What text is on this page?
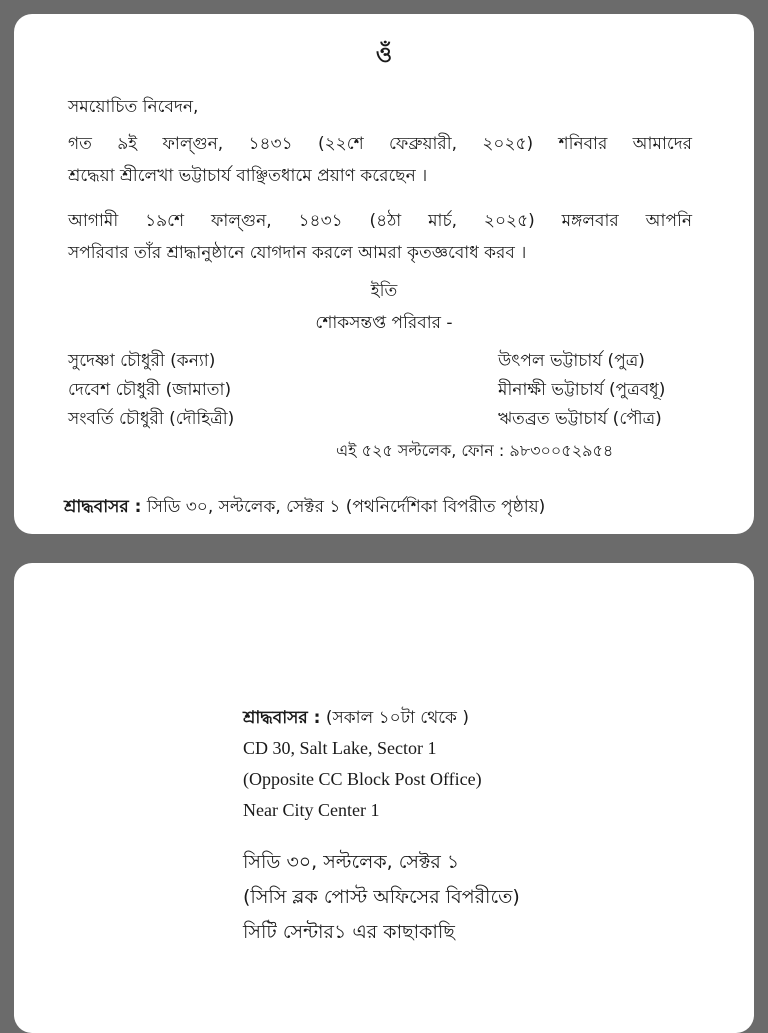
ওঁ
সময়োচিত নিবেদন,
গত ৯ই ফাল্গুন, ১৪৩১ (২২শে ফেব্রুয়ারী, ২০২৫) শনিবার আমাদের
শ্রদ্ধেয়া শ্রীলেখা ভট্টাচার্য বাঞ্ছিতধামে প্রয়াণ করেছেন ।
আগামী ১৯শে ফাল্গুন, ১৪৩১ (৪ঠা মার্চ, ২০২৫) মঙ্গলবার আপনি
সপরিবার তাঁর শ্রাদ্ধানুষ্ঠানে যোগদান করলে আমরা কৃতজ্ঞবোধ করব ।
ইতি
শোকসন্তপ্ত পরিবার -
সুদেষ্ণা চৌধুরী (কন্যা)
দেবেশ চৌধুরী (জামাতা)
সংবর্তি চৌধুরী (দৌহিত্রী)
উৎপল ভট্টাচার্য (পুত্র)
মীনাক্ষী ভট্টাচার্য (পুত্রবধূ)
ঋতব্রত ভট্টাচার্য (পৌত্র)
এই ৫২৫ সল্টলেক, ফোন : ৯৮৩০০৫২৯৫৪
শ্রাদ্ধবাসর : সিডি ৩০, সল্টলেক, সেক্টর ১ (পথনির্দেশিকা বিপরীত পৃষ্ঠায়)
শ্রাদ্ধবাসর : (সকাল ১০টা থেকে )
CD 30, Salt Lake, Sector 1
(Opposite CC Block Post Office)
Near City Center 1
সিডি ৩০, সল্টলেক, সেক্টর ১
(সিসি ব্লক পোস্ট অফিসের বিপরীতে)
সিটি সেন্টার১ এর কাছাকাছি
